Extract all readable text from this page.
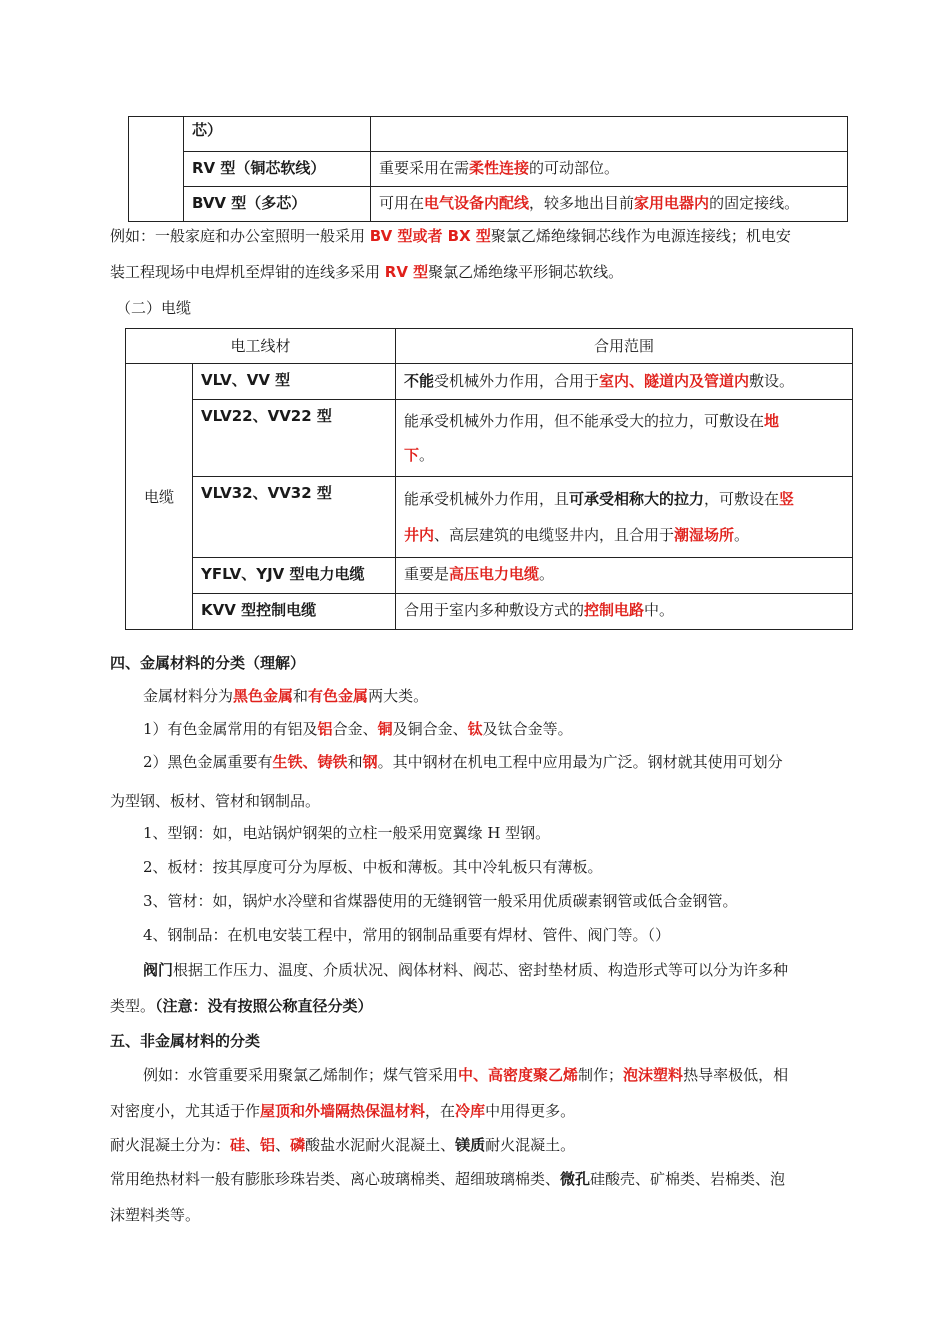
	芯）	
	RV 型（铜芯软线）	重要采用在需柔性连接的可动部位。
	BVV 型（多芯）	可用在电气设备内配线，较多地出目前家用电器内的固定接线。
例如：一般家庭和办公室照明一般采用 BV 型或者 BX 型聚氯乙烯绝缘铜芯线作为电源连接线；机电安
装工程现场中电焊机至焊钳的连线多采用 RV 型聚氯乙烯绝缘平形铜芯软线。
（二）电缆
电工线材		合用范围
电缆	VLV、VV 型	不能受机械外力作用，合用于室内、隧道内及管道内敷设。

	VLV22、VV22 型	能承受机械外力作用，但不能承受大的拉力，可敷设在地
下。

	VLV32、VV32 型	能承受机械外力作用，且可承受相称大的拉力，可敷设在竖
井内、高层建筑的电缆竖井内，且合用于潮湿场所。

	YFLV、YJV 型电力电缆	重要是高压电力电缆。

	KVV 型控制电缆	合用于室内多种敷设方式的控制电路中。
四、金属材料的分类（理解）
金属材料分为黑色金属和有色金属两大类。
1）有色金属常用的有铝及铝合金、铜及铜合金、钛及钛合金等。
2）黑色金属重要有生铁、铸铁和钢。其中钢材在机电工程中应用最为广泛。钢材就其使用可划分
为型钢、板材、管材和钢制品。
1、型钢：如，电站锅炉钢架的立柱一般采用宽翼缘 H 型钢。
2、板材：按其厚度可分为厚板、中板和薄板。其中冷轧板只有薄板。
3、管材：如，锅炉水冷壁和省煤器使用的无缝钢管一般采用优质碳素钢管或低合金钢管。
4、钢制品：在机电安装工程中，常用的钢制品重要有焊材、管件、阀门等。（）
阀门根据工作压力、温度、介质状况、阀体材料、阀芯、密封垫材质、构造形式等可以分为许多种
类型。（注意：没有按照公称直径分类）
五、非金属材料的分类
例如：水管重要采用聚氯乙烯制作；煤气管采用中、高密度聚乙烯制作；泡沫塑料热导率极低，相
对密度小，尤其适于作屋顶和外墙隔热保温材料，在冷库中用得更多。
耐火混凝土分为：硅、铝、磷酸盐水泥耐火混凝土、镁质耐火混凝土。
常用绝热材料一般有膨胀珍珠岩类、离心玻璃棉类、超细玻璃棉类、微孔硅酸壳、矿棉类、岩棉类、泡
沫塑料类等。
